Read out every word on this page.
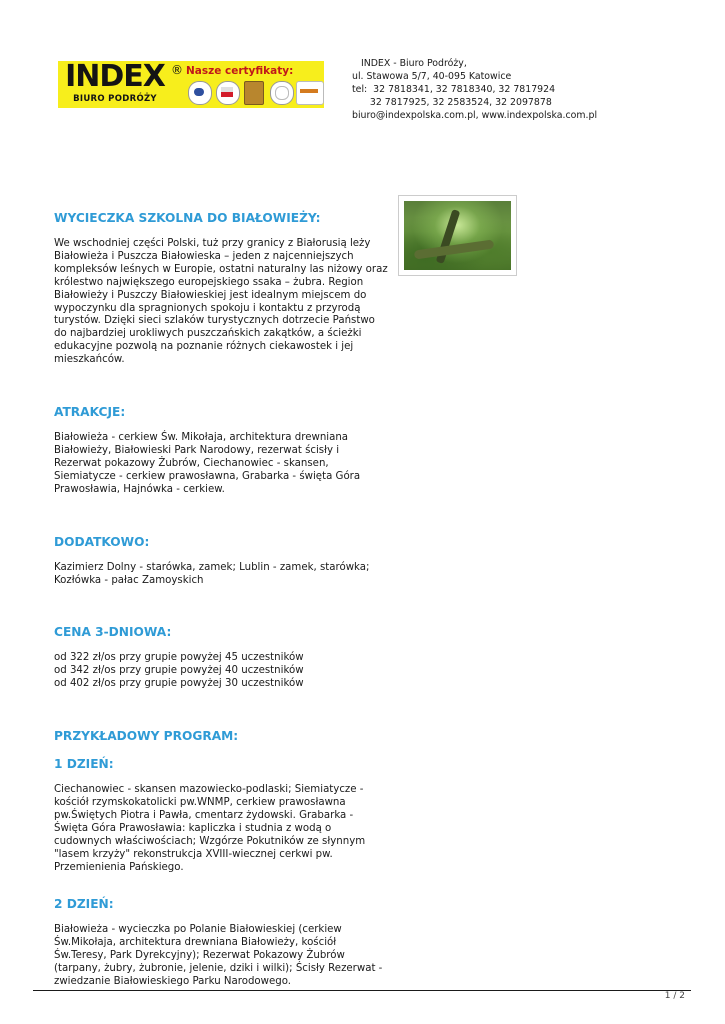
INDEX
BIURO PODRÓŻY
® Nasze certyfikaty:
INDEX - Biuro Podróży,
ul. Stawowa 5/7, 40-095 Katowice
tel:  32 7818341, 32 7818340, 32 7817924
32 7817925, 32 2583524, 32 2097878
biuro@indexpolska.com.pl, www.indexpolska.com.pl
WYCIECZKA SZKOLNA DO BIAŁOWIEŻY:

We wschodniej części Polski, tuż przy granicy z Białorusią leży Białowieża i Puszcza Białowieska – jeden z najcenniejszych kompleksów leśnych w Europie, ostatni naturalny las niżowy oraz królestwo największego europejskiego ssaka – żubra. Region Białowieży i Puszczy Białowieskiej jest idealnym miejscem do wypoczynku dla spragnionych spokoju i kontaktu z przyrodą turystów. Dzięki sieci szlaków turystycznych dotrzecie Państwo do najbardziej urokliwych puszczańskich zakątków, a ścieżki edukacyjne pozwolą na poznanie różnych ciekawostek i jej mieszkańców.

ATRAKCJE:

Białowieża - cerkiew Św. Mikołaja, architektura drewniana Białowieży, Białowieski Park Narodowy, rezerwat ścisły i Rezerwat pokazowy Żubrów, Ciechanowiec - skansen, Siemiatycze - cerkiew prawosławna, Grabarka - święta Góra Prawosławia, Hajnówka - cerkiew.

DODATKOWO:

Kazimierz Dolny - starówka, zamek; Lublin - zamek, starówka; Kozłówka - pałac Zamoyskich

CENA 3-DNIOWA:

od 322 zł/os przy grupie powyżej 45 uczestników

od 342 zł/os przy grupie powyżej 40 uczestników

od 402 zł/os przy grupie powyżej 30 uczestników

PRZYKŁADOWY PROGRAM:
1 DZIEŃ:

Ciechanowiec - skansen mazowiecko-podlaski; Siemiatycze - kościół rzymskokatolicki pw.WNMP, cerkiew prawosławna pw.Świętych Piotra i Pawła, cmentarz żydowski. Grabarka - Święta Góra Prawosławia: kapliczka i studnia z wodą o cudownych właściwościach; Wzgórze Pokutników ze słynnym "lasem krzyży" rekonstrukcja XVIII-wiecznej cerkwi pw. Przemienienia Pańskiego.

2 DZIEŃ:

Białowieża - wycieczka po Polanie Białowieskiej (cerkiew Św.Mikołaja, architektura drewniana Białowieży, kościół Św.Teresy, Park Dyrekcyjny); Rezerwat Pokazowy Żubrów (tarpany, żubry, żubronie, jelenie, dziki i wilki); Ścisły Rezerwat - zwiedzanie Białowieskiego Parku Narodowego.

1 / 2
